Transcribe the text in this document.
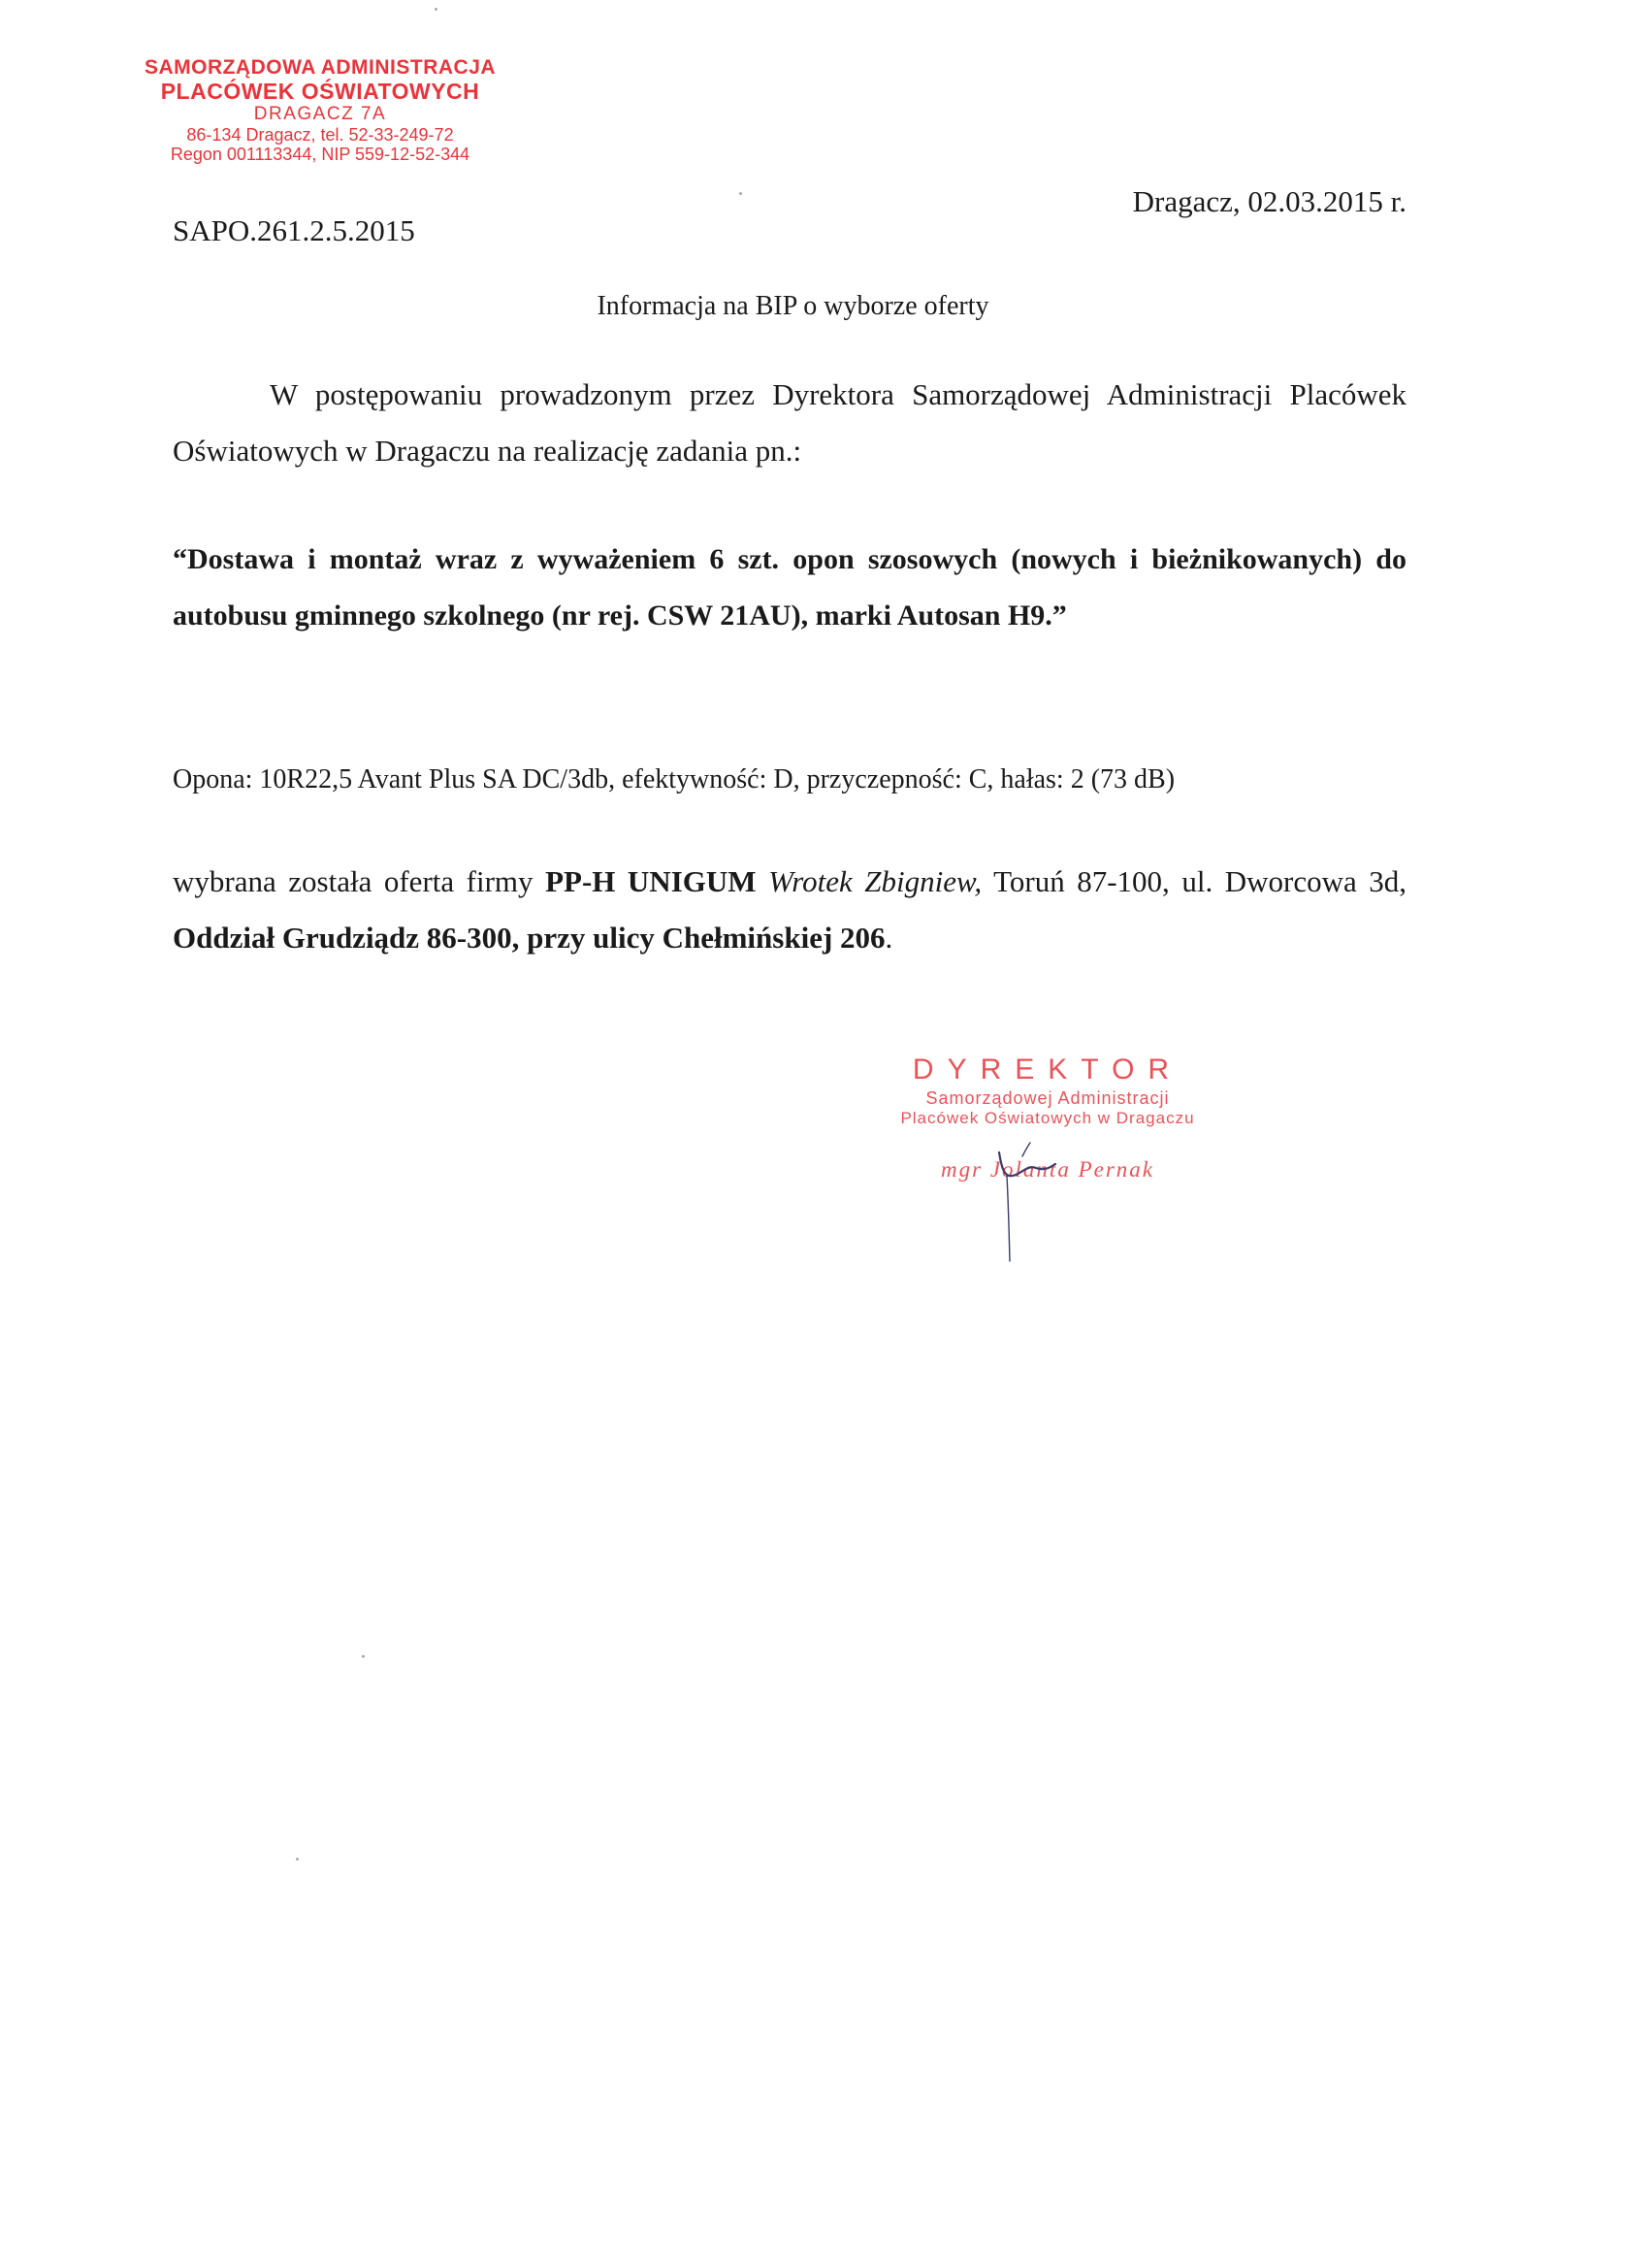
SAMORZĄDOWA ADMINISTRACJA
PLACÓWEK OŚWIATOWYCH
DRAGACZ 7A
86-134 Dragacz, tel. 52-33-249-72
Regon 001113344, NIP 559-12-52-344
Dragacz, 02.03.2015 r.
SAPO.261.2.5.2015
Informacja na BIP o wyborze oferty
W postępowaniu prowadzonym przez Dyrektora Samorządowej Administracji Placówek Oświatowych w Dragaczu na realizację zadania pn.:
“Dostawa i montaż wraz z wyważeniem 6 szt. opon szosowych (nowych i bieżnikowanych) do autobusu gminnego szkolnego (nr rej. CSW 21AU), marki Autosan H9.”
Opona: 10R22,5 Avant Plus SA DC/3db, efektywność: D, przyczepność: C, hałas: 2 (73 dB)
wybrana została oferta firmy PP-H UNIGUM Wrotek Zbigniew, Toruń 87-100, ul. Dworcowa 3d, Oddział Grudziądz 86-300, przy ulicy Chełmińskiej 206.
DYREKTOR
Samorządowej Administracji
Placówek Oświatowych w Dragaczu
mgr Jolanta Pernak
